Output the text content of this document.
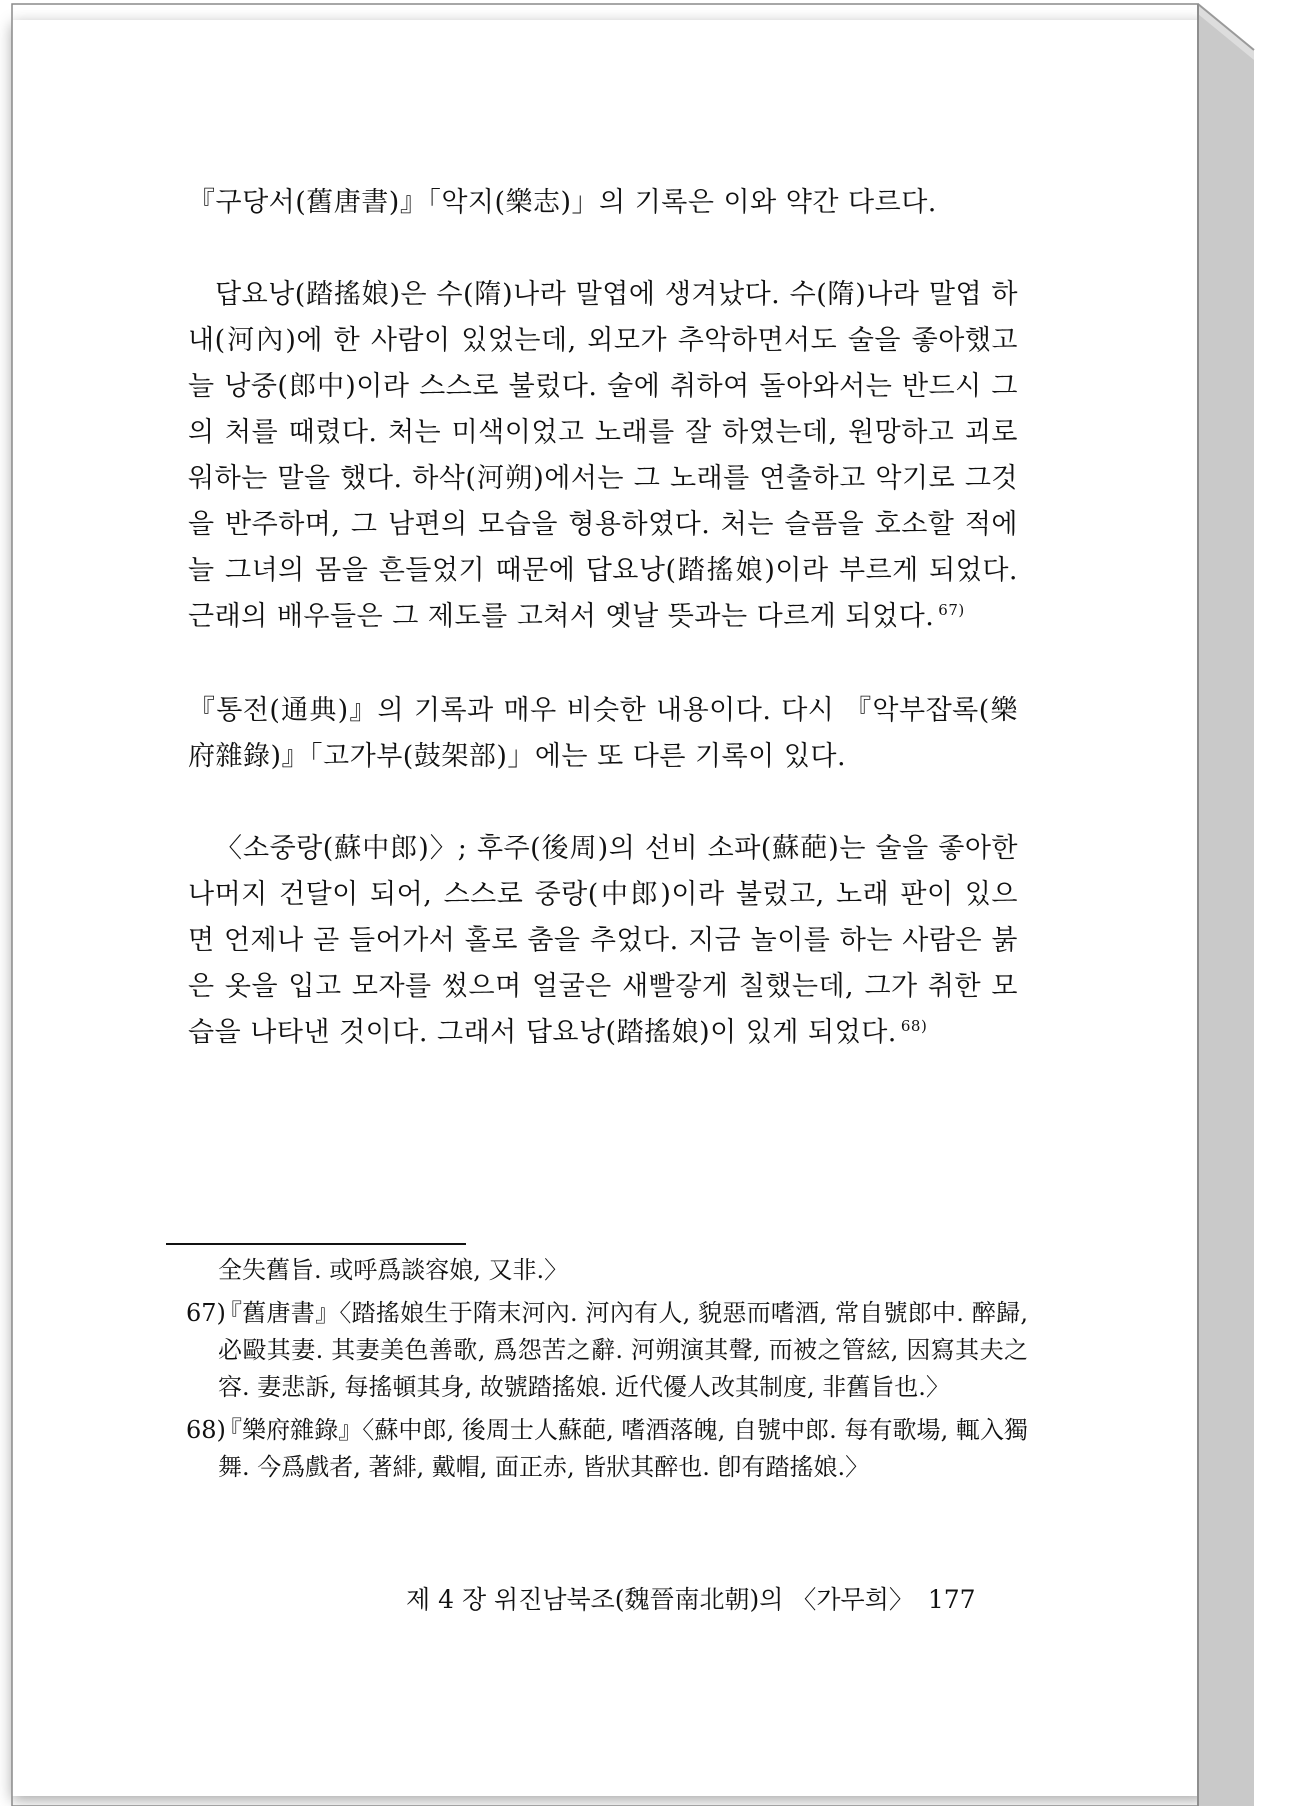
『구당서(舊唐書)』「악지(樂志)」의 기록은 이와 약간 다르다.

답요낭(踏搖娘)은 수(隋)나라 말엽에 생겨났다. 수(隋)나라 말엽 하내(河內)에 한 사람이 있었는데, 외모가 추악하면서도 술을 좋아했고 늘 낭중(郎中)이라 스스로 불렀다. 술에 취하여 돌아와서는 반드시 그의 처를 때렸다. 처는 미색이었고 노래를 잘 하였는데, 원망하고 괴로워하는 말을 했다. 하삭(河朔)에서는 그 노래를 연출하고 악기로 그것을 반주하며, 그 남편의 모습을 형용하였다. 처는 슬픔을 호소할 적에 늘 그녀의 몸을 흔들었기 때문에 답요낭(踏搖娘)이라 부르게 되었다. 근래의 배우들은 그 제도를 고쳐서 옛날 뜻과는 다르게 되었다. $^{67)}$

『통전(通典)』의 기록과 매우 비슷한 내용이다. 다시 『악부잡록(樂府雜錄)』「고가부(鼓架部)」에는 또 다른 기록이 있다.

〈소중랑(蘇中郎)〉; 후주(後周)의 선비 소파(蘇葩)는 술을 좋아한 나머지 건달이 되어, 스스로 중랑(中郎)이라 불렀고, 노래 판이 있으면 언제나 곧 들어가서 홀로 춤을 추었다. 지금 놀이를 하는 사람은 붉은 옷을 입고 모자를 썼으며 얼굴은 새빨갛게 칠했는데, 그가 취한 모습을 나타낸 것이다. 그래서 답요낭(踏搖娘)이 있게 되었다. $^{68)}$

全失舊旨. 或呼爲談容娘, 又非.〉
67)
『舊唐書』〈踏搖娘生于隋末河內. 河內有人, 貌惡而嗜酒, 常自號郎中. 醉歸, 必毆其妻. 其妻美色善歌, 爲怨苦之辭. 河朔演其聲, 而被之管絃, 因寫其夫之容. 妻悲訴, 每搖頓其身, 故號踏搖娘. 近代優人改其制度, 非舊旨也.〉
68)
『樂府雜錄』〈蘇中郎, 後周士人蘇葩, 嗜酒落魄, 自號中郎. 每有歌場, 輒入獨舞. 今爲戲者, 著緋, 戴帽, 面正赤, 皆狀其醉也. 卽有踏搖娘.〉
제 4 장 위진남북조(魏晉南北朝)의 〈가무희〉 177
